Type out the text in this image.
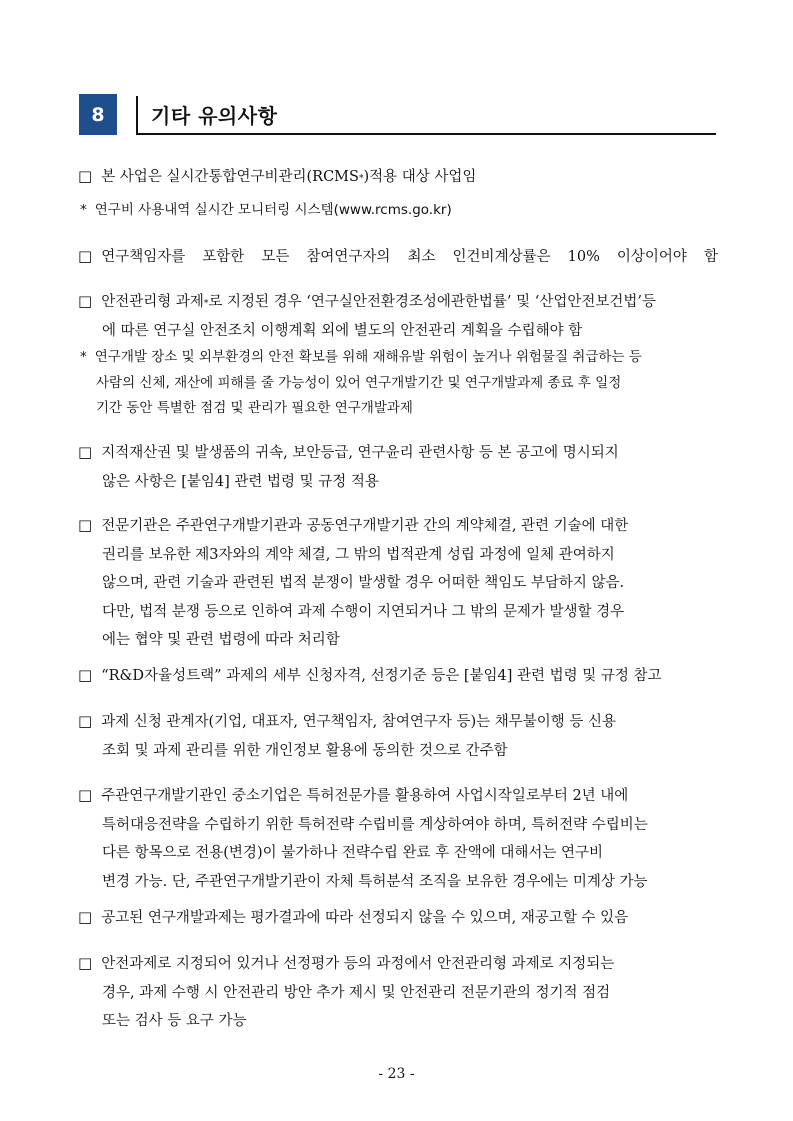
8	기타 유의사항
□ 본 사업은 실시간통합연구비관리(RCMS * )적용 대상 사업임
* 연구비 사용내역 실시간 모니터링 시스템(www.rcms.go.kr)
□ 연구책임자를 포함한 모든 참여연구자의 최소 인건비계상률은 10% 이상이어야 함
□ 안전관리형 과제 * 로 지정된 경우 ‘연구실안전환경조성에관한법률’ 및 ‘산업안전보건법’등
에 따른 연구실 안전조치 이행계획 외에 별도의 안전관리 계획을 수립해야 함
* 연구개발 장소 및 외부환경의 안전 확보를 위해 재해유발 위험이 높거나 위험물질 취급하는 등
사람의 신체, 재산에 피해를 줄 가능성이 있어 연구개발기간 및 연구개발과제 종료 후 일정
기간 동안 특별한 점검 및 관리가 필요한 연구개발과제
□ 지적재산권 및 발생품의 귀속, 보안등급, 연구윤리 관련사항 등 본 공고에 명시되지
않은 사항은 [붙임4] 관련 법령 및 규정 적용
□ 전문기관은 주관연구개발기관과 공동연구개발기관 간의 계약체결, 관련 기술에 대한
권리를 보유한 제3자와의 계약 체결, 그 밖의 법적관계 성립 과정에 일체 관여하지
않으며, 관련 기술과 관련된 법적 분쟁이 발생할 경우 어떠한 책임도 부담하지 않음.
다만, 법적 분쟁 등으로 인하여 과제 수행이 지연되거나 그 밖의 문제가 발생할 경우
에는 협약 및 관련 법령에 따라 처리함
□ “R&D자율성트랙” 과제의 세부 신청자격, 선정기준 등은 [붙임4] 관련 법령 및 규정 참고
□ 과제 신청 관계자(기업, 대표자, 연구책임자, 참여연구자 등)는 채무불이행 등 신용
조회 및 과제 관리를 위한 개인정보 활용에 동의한 것으로 간주함
□ 주관연구개발기관인 중소기업은 특허전문가를 활용하여 사업시작일로부터 2년 내에
특허대응전략을 수립하기 위한 특허전략 수립비를 계상하여야 하며, 특허전략 수립비는
다른 항목으로 전용(변경)이 불가하나 전략수립 완료 후 잔액에 대해서는 연구비
변경 가능. 단, 주관연구개발기관이 자체 특허분석 조직을 보유한 경우에는 미계상 가능
□ 공고된 연구개발과제는 평가결과에 따라 선정되지 않을 수 있으며, 재공고할 수 있음
□ 안전과제로 지정되어 있거나 선정평가 등의 과정에서 안전관리형 과제로 지정되는
경우, 과제 수행 시 안전관리 방안 추가 제시 및 안전관리 전문기관의 정기적 점검
또는 검사 등 요구 가능
- 23 -
